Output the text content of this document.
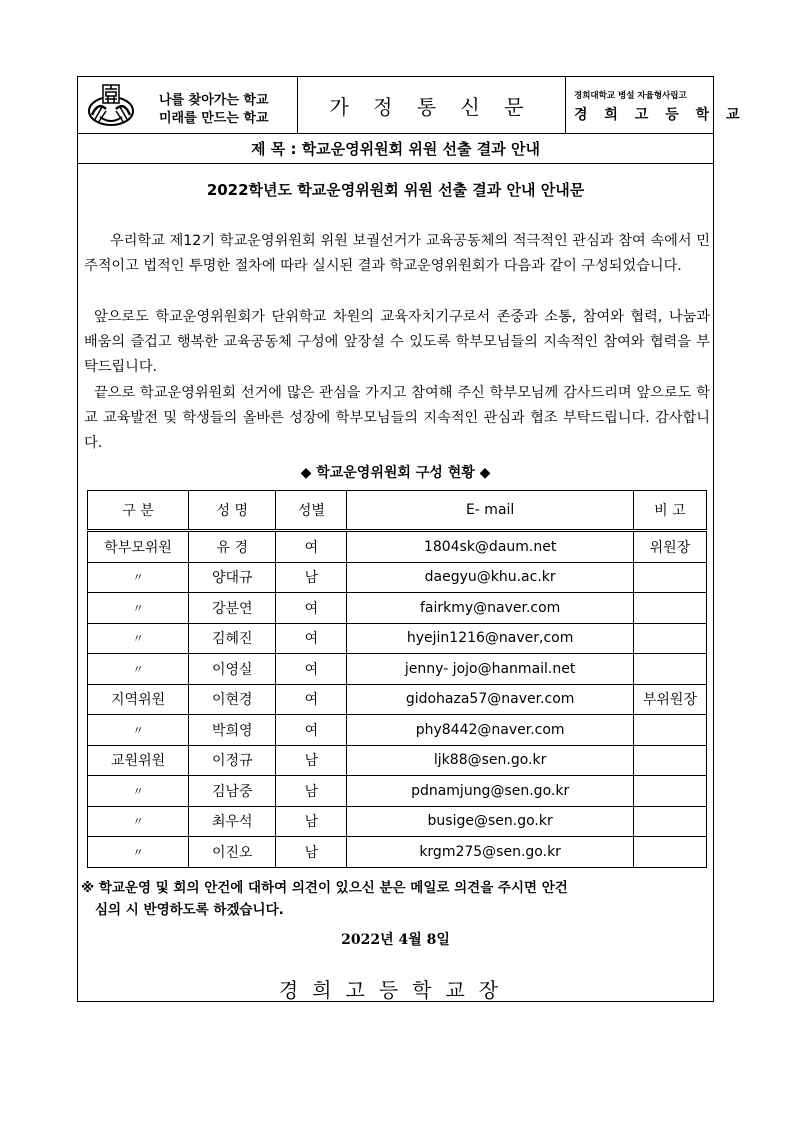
나를 찾아가는 학교
미래를 만드는 학교	가 정 통 신 문	경희대학교 병설 자율형사립고
경 희 고 등 학 교
제 목 : 학교운영위원회 위원 선출 결과 안내
2022학년도 학교운영위원회 위원 선출 결과 안내 안내문
우리학교 제12기 학교운영위원회 위원 보궐선거가 교육공동체의 적극적인 관심과 참여 속에서 민주적이고 법적인 투명한 절차에 따라 실시된 결과 학교운영위원회가 다음과 같이 구성되었습니다.
앞으로도 학교운영위원회가 단위학교 차원의 교육자치기구로서 존중과 소통, 참여와 협력, 나눔과 배움의 즐겁고 행복한 교육공동체 구성에 앞장설 수 있도록 학부모님들의 지속적인 참여와 협력을 부탁드립니다.
끝으로 학교운영위원회 선거에 많은 관심을 가지고 참여해 주신 학부모님께 감사드리며 앞으로도 학교 교육발전 및 학생들의 올바른 성장에 학부모님들의 지속적인 관심과 협조 부탁드립니다. 감사합니다.
◆ 학교운영위원회 구성 현황 ◆
구 분	성 명	성별	E- mail	비 고
학부모위원	유 경	여	1804sk@daum.net	위원장
〃	양대규	남	daegyu@khu.ac.kr	
〃	강분연	여	fairkmy@naver.com	
〃	김혜진	여	hyejin1216@naver,com	
〃	이영실	여	jenny- jojo@hanmail.net	
지역위원	이현경	여	gidohaza57@naver.com	부위원장
〃	박희영	여	phy8442@naver.com	
교원위원	이정규	남	ljk88@sen.go.kr	
〃	김남중	남	pdnamjung@sen.go.kr	
〃	최우석	남	busige@sen.go.kr	
〃	이진오	남	krgm275@sen.go.kr	
※ 학교운영 및 회의 안건에 대하여 의견이 있으신 분은 메일로 의견을 주시면 안건
심의 시 반영하도록 하겠습니다.
2022년 4월 8일
경희고등학교장
